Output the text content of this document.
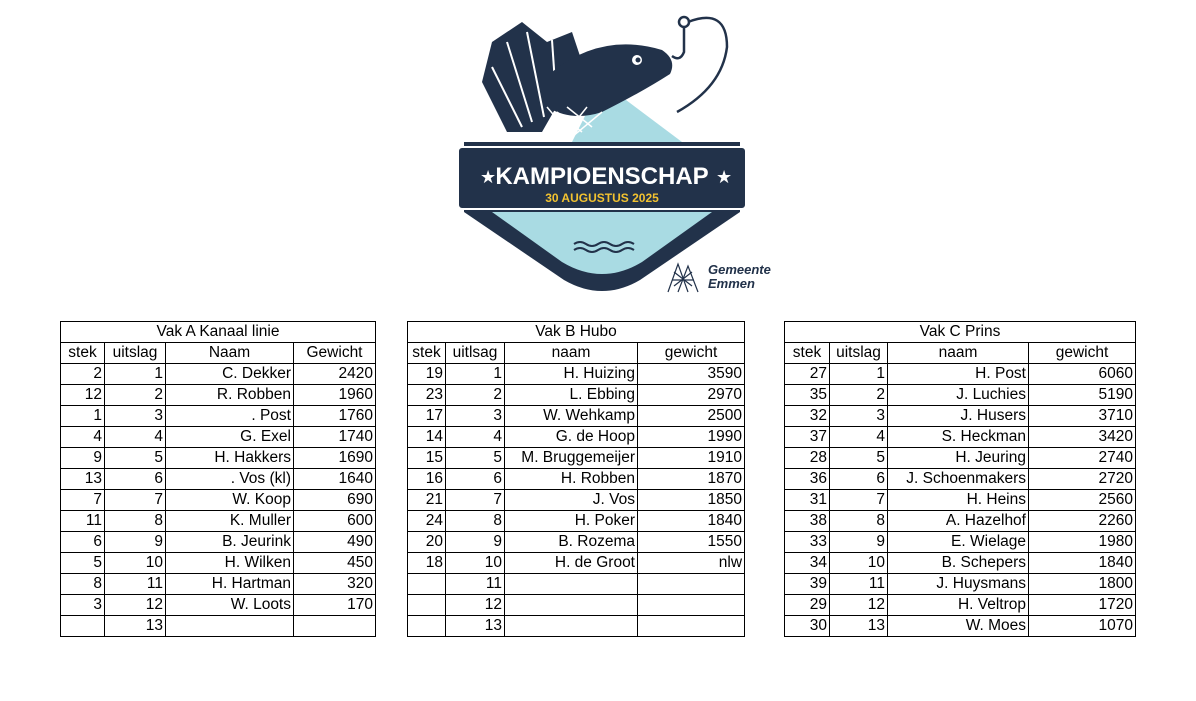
★	★
KAMPIOENSCHAP
30 AUGUSTUS 2025
Gemeente
Emmen
Vak A Kanaal linie			
stek	uitslag	Naam	Gewicht
2	1	C. Dekker	2420
12	2	R. Robben	1960
1	3	. Post	1760
4	4	G. Exel	1740
9	5	H. Hakkers	1690
13	6	. Vos (kl)	1640
7	7	W. Koop	690
11	8	K. Muller	600
6	9	B. Jeurink	490
5	10	H. Wilken	450
8	11	H. Hartman	320
3	12	W. Loots	170
	13		
Vak B Hubo			
stek	uitlsag	naam	gewicht
19	1	H. Huizing	3590
23	2	L. Ebbing	2970
17	3	W. Wehkamp	2500
14	4	G. de Hoop	1990
15	5	M. Bruggemeijer	1910
16	6	H. Robben	1870
21	7	J. Vos	1850
24	8	H. Poker	1840
20	9	B. Rozema	1550
18	10	H. de Groot	nlw
	11		
	12		
	13		
Vak C Prins			
stek	uitslag	naam	gewicht
27	1	H. Post	6060
35	2	J. Luchies	5190
32	3	J. Husers	3710
37	4	S. Heckman	3420
28	5	H. Jeuring	2740
36	6	J. Schoenmakers	2720
31	7	H. Heins	2560
38	8	A. Hazelhof	2260
33	9	E. Wielage	1980
34	10	B. Schepers	1840
39	11	J. Huysmans	1800
29	12	H. Veltrop	1720
30	13	W. Moes	1070
